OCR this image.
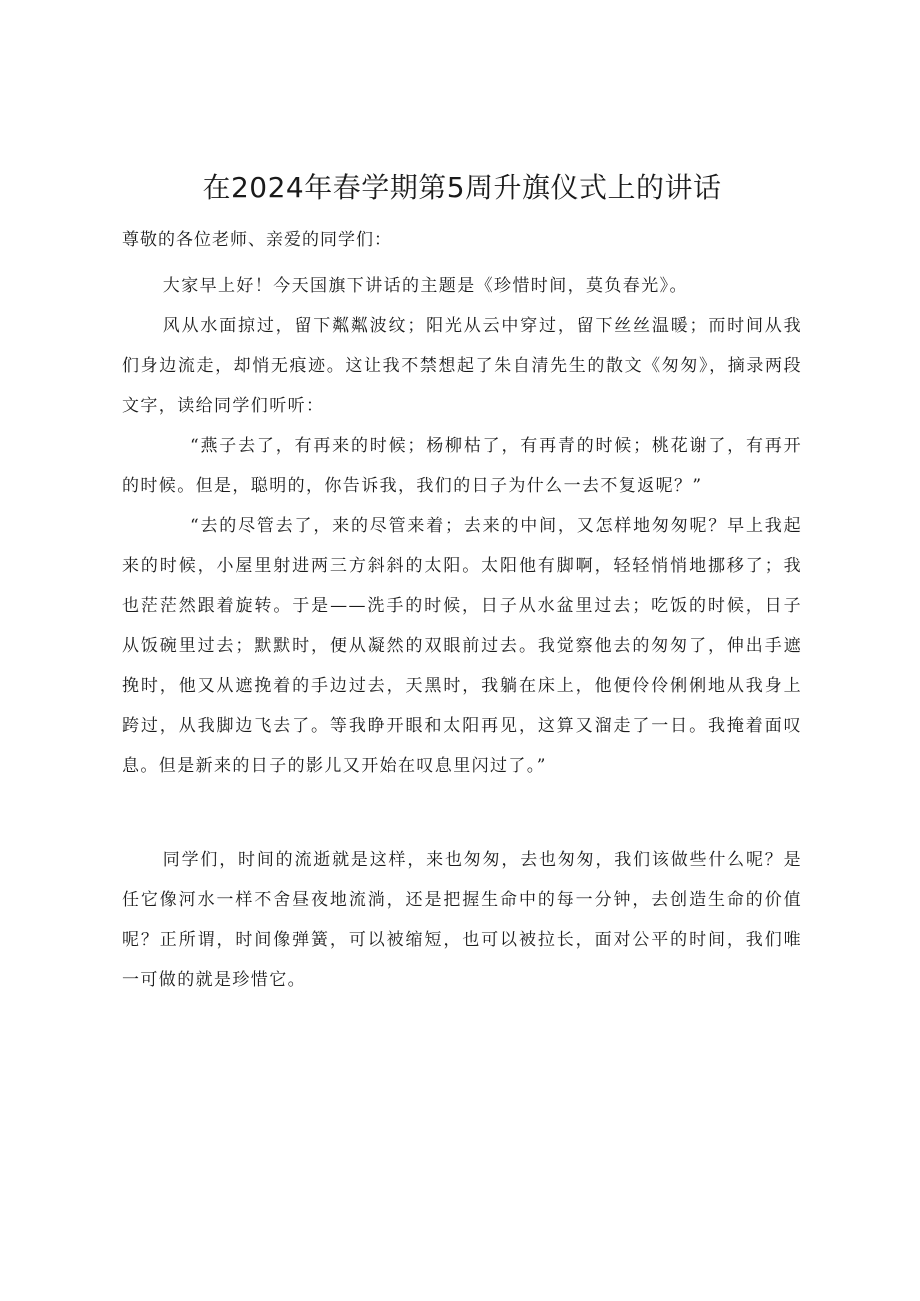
在2024年春学期第5周升旗仪式上的讲话
尊敬的各位老师、亲爱的同学们：

大家早上好！今天国旗下讲话的主题是《珍惜时间，莫负春光》。

风从水面掠过，留下粼粼波纹；阳光从云中穿过，留下丝丝温暖；而时间从我们身边流走，却悄无痕迹。这让我不禁想起了朱自清先生的散文《匆匆》，摘录两段文字，读给同学们听听：

“燕子去了，有再来的时候；杨柳枯了，有再青的时候；桃花谢了，有再开的时候。但是，聪明的，你告诉我，我们的日子为什么一去不复返呢？”

“去的尽管去了，来的尽管来着；去来的中间，又怎样地匆匆呢？早上我起来的时候，小屋里射进两三方斜斜的太阳。太阳他有脚啊，轻轻悄悄地挪移了；我也茫茫然跟着旋转。于是——洗手的时候，日子从水盆里过去；吃饭的时候，日子从饭碗里过去；默默时，便从凝然的双眼前过去。我觉察他去的匆匆了，伸出手遮挽时，他又从遮挽着的手边过去，天黑时，我躺在床上，他便伶伶俐俐地从我身上跨过，从我脚边飞去了。等我睁开眼和太阳再见，这算又溜走了一日。我掩着面叹息。但是新来的日子的影儿又开始在叹息里闪过了。”

同学们，时间的流逝就是这样，来也匆匆，去也匆匆，我们该做些什么呢？是任它像河水一样不舍昼夜地流淌，还是把握生命中的每一分钟，去创造生命的价值呢？正所谓，时间像弹簧，可以被缩短，也可以被拉长，面对公平的时间，我们唯一可做的就是珍惜它。
